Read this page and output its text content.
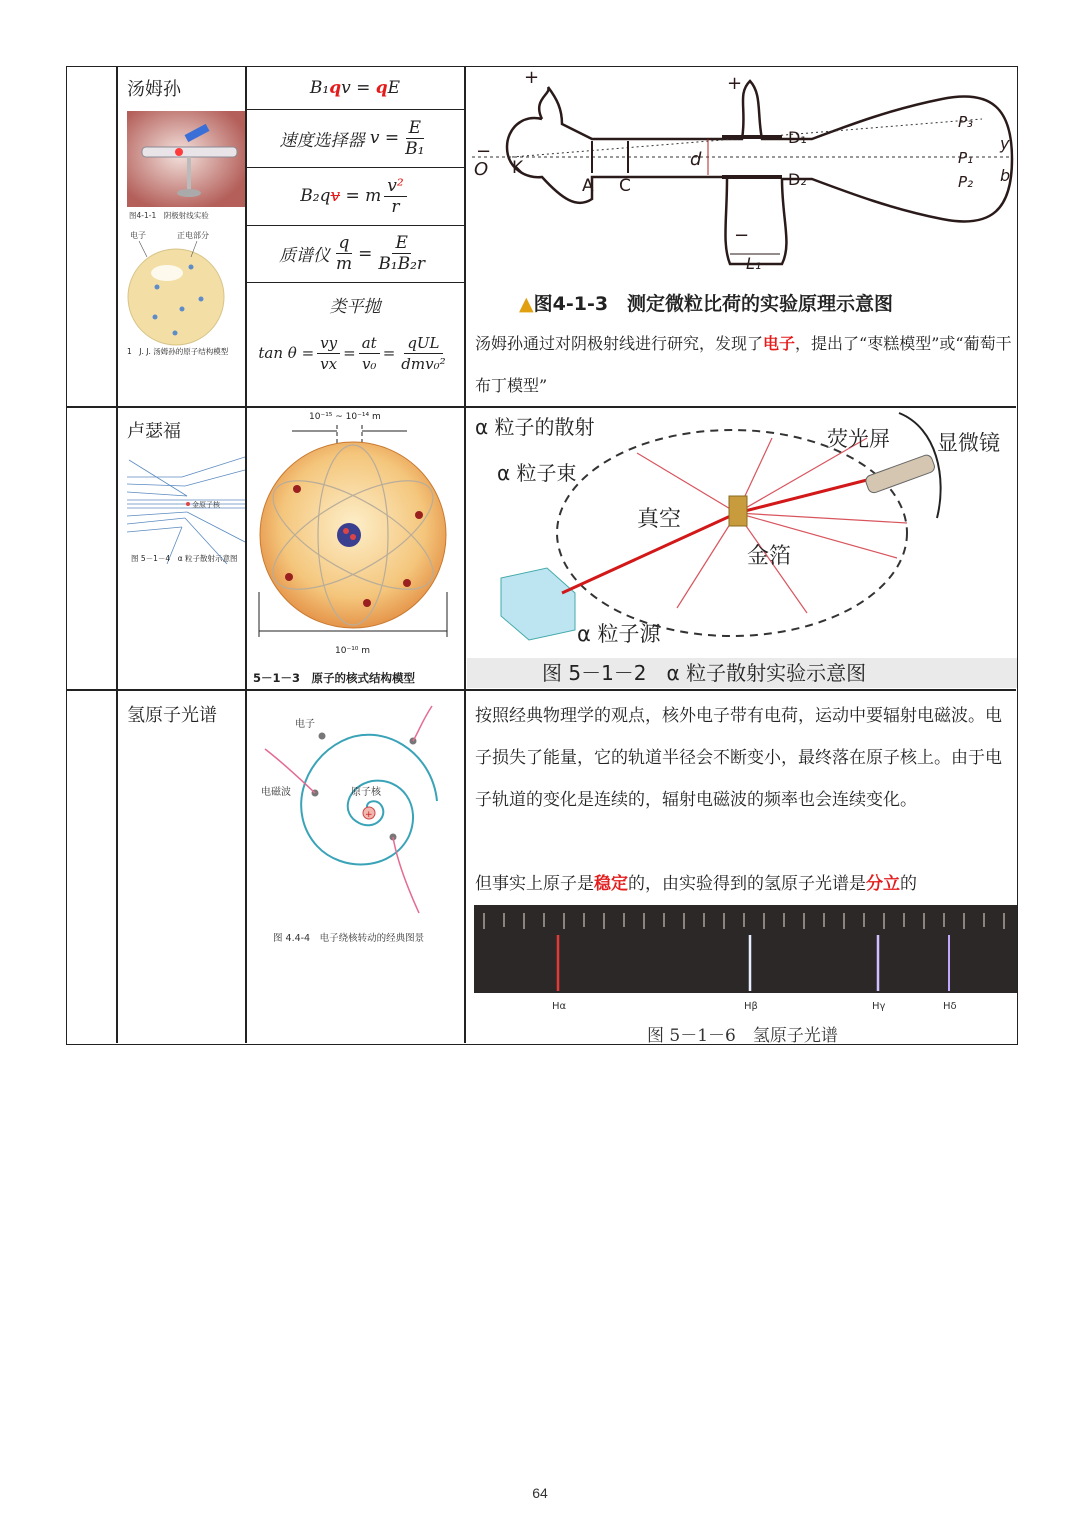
汤姆孙
图4-1-1　阴极射线实验
电子	正电部分
1　J. J. 汤姆孙的原子结构模型
B₁qv = qE
速度选择器
$v = \frac{E}{\text{B₁}}$
B₂qv = m $\frac{\text{v²}}{r}$
质谱仪 $\frac{q}{m} = \frac{E}{\text{B₁B₂r}}$
类平抛
$\tan \theta = \frac{vy}{vx} = \frac{at}{\text{v₀}} = \frac{\text{qUL}}{\text{dmv₀²}}$
+	+
−
−
O K
A C
d
D₁
D₂
L₁
P₃
P₁
P₂
y
b
▲图4-1-3　测定微粒比荷的实验原理示意图
汤姆孙通过对阴极射线进行研究，发现了电子，提出了“枣糕模型”或“葡萄干布丁模型”
卢瑟福
金原子核
图 5－1－4　α 粒子散射示意图
10⁻¹⁵ ~ 10⁻¹⁴ m
10⁻¹⁰ m
5－1－3　原子的核式结构模型
α 粒子的散射
α 粒子束
真空
金箔
荧光屏 显微镜
α 粒子源
图 5－1－2　α 粒子散射实验示意图
氢原子光谱
+
电子
电磁波	原子核
图 4.4-4　电子绕核转动的经典图景
按照经典物理学的观点，核外电子带有电荷，运动中要辐射电磁波。电子损失了能量，它的轨道半径会不断变小，最终落在原子核上。由于电子轨道的变化是连续的，辐射电磁波的频率也会连续变化。
但事实上原子是稳定的，由实验得到的氢原子光谱是分立的
Hα	Hβ	Hγ	Hδ
图 5－1－6　氢原子光谱
64
